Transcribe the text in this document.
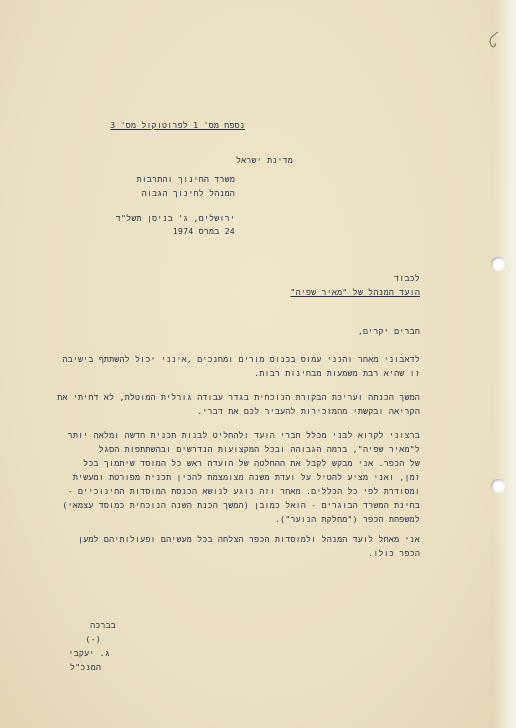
נספח מס' 1 לפרוטוקול מס' 3
מדינת ישראל
משרד החינוך והתרבות
המנהל לחינוך הגבוה
ירושלים, ג' בניסן תשל"ד
24 במרס 1974
לכבוד
הועד המנהל של "מאיר שפיה"
חברים יקרים,
לדאבוני מאחר והנני עמוס בכנוס מורים ומחנכים ,אינני יכול להשתתף בישיבה
זו שהיא רבת משמעות מבחינות רבות.
המשך הכנתה ועריכת הבקורת הנוכחית בגדר עבודה גורלית המוטלת, לא דחיתי את
הקריאה ובקשתי מהמזכירות להעביר לכם את דברי.
ברצוני לקרוא לבני מכלל חברי הועד ולהחליט לבנות תכנית חדשה ומלאה יותר
ל"מאיר שפיה", ברמה הגבוהה ובכל המקצועות הנדרשים ובהשתתפות הסגל
של הכפר. אני מבקש לקבל את ההחלטה של הועדה ראש כל המוסד שיתמוך בכל
זמן, ואני מציע להטיל על ועדת משנה מצומצמת להכין תכנית מפורטת ומעשית
ומסודרת לפי כל הכללים. מאחר וזה נוגע לנושא הכנסת המוסדות החינוכיים -
בחינת המשרד הבוגרים - הואל כמובן (המשך הכנת השנה הנוכחית כמוסד עצמאי)
למשפחת הכפר ("מחלקת הנוער").
אני מאחל לועד המנהל ולמוסדות הכפר הצלחה בכל מעשיהם ופעולותיהם למען
הכפר כולו.
בברכה
(-)
ג. יעקבי
המנכ"ל
